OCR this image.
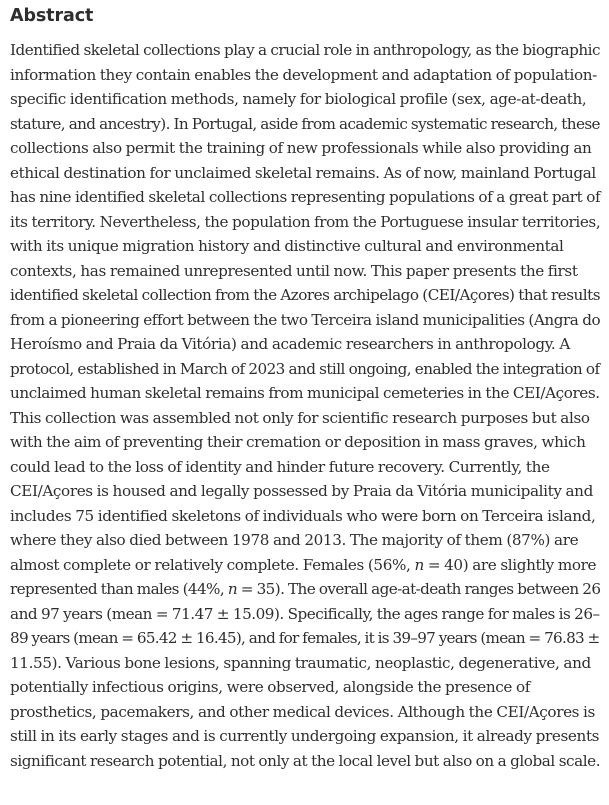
Abstract

Identified skeletal collections play a crucial role in anthropology, as the biographic

information they contain enables the development and adaptation of population-

specific identification methods, namely for biological profile (sex, age-at-death,

stature, and ancestry). In Portugal, aside from academic systematic research, these

collections also permit the training of new professionals while also providing an

ethical destination for unclaimed skeletal remains. As of now, mainland Portugal

has nine identified skeletal collections representing populations of a great part of

its territory. Nevertheless, the population from the Portuguese insular territories,

with its unique migration history and distinctive cultural and environmental

contexts, has remained unrepresented until now. This paper presents the first

identified skeletal collection from the Azores archipelago (CEI/Açores) that results

from a pioneering effort between the two Terceira island municipalities (Angra do

Heroísmo and Praia da Vitória) and academic researchers in anthropology. A

protocol, established in March of 2023 and still ongoing, enabled the integration of

unclaimed human skeletal remains from municipal cemeteries in the CEI/Açores.

This collection was assembled not only for scientific research purposes but also

with the aim of preventing their cremation or deposition in mass graves, which

could lead to the loss of identity and hinder future recovery. Currently, the

CEI/Açores is housed and legally possessed by Praia da Vitória municipality and

includes 75 identified skeletons of individuals who were born on Terceira island,

where they also died between 1978 and 2013. The majority of them (87%) are

almost complete or relatively complete. Females (56%, n = 40) are slightly more

represented than males (44%, n = 35). The overall age-at-death ranges between 26

and 97 years (mean = 71.47 ± 15.09). Specifically, the ages range for males is 26–

89 years (mean = 65.42 ± 16.45), and for females, it is 39–97 years (mean = 76.83 ±

11.55). Various bone lesions, spanning traumatic, neoplastic, degenerative, and

potentially infectious origins, were observed, alongside the presence of

prosthetics, pacemakers, and other medical devices. Although the CEI/Açores is

still in its early stages and is currently undergoing expansion, it already presents

significant research potential, not only at the local level but also on a global scale.
